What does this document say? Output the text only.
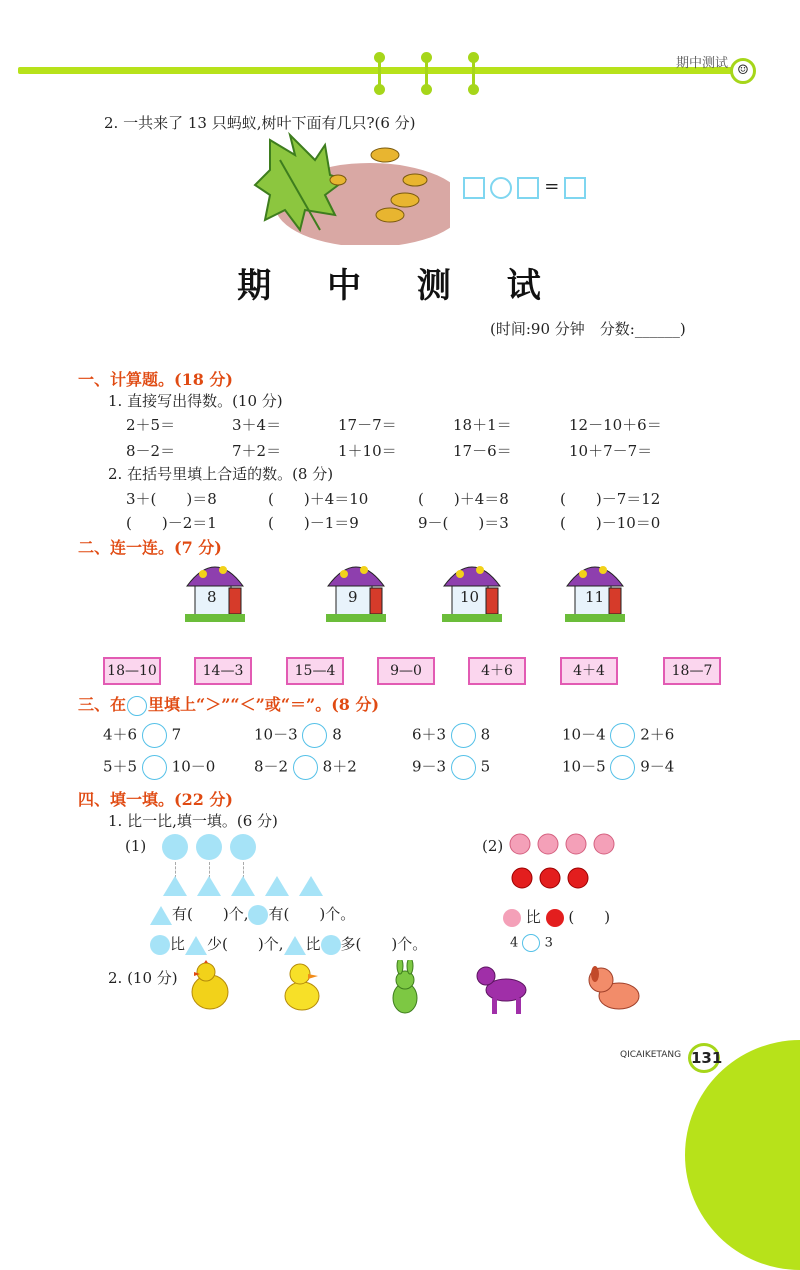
期中测试 ☺
2. 一共来了 13 只蚂蚁,树叶下面有几只?(6 分)
=
期 中 测 试
(时间:90 分钟　分数:______)
一、计算题。(18 分)
1. 直接写出得数。(10 分)
2＋5＝	3＋4＝	17－7＝	18＋1＝	12－10＋6＝
8－2＝	7＋2＝	1＋10＝	17－6＝	10＋7－7＝
2. 在括号里填上合适的数。(8 分)
3＋(　　)＝8	(　　)＋4＝10	(　　)＋4＝8	(　　)－7＝12
(　　)－2＝1	(　　)－1＝9	9－(　　)＝3	(　　)－10＝0
二、连一连。(7 分)
8	9	10	11
18—10	14—3	15—4	9—0	4＋6	4＋4	18—7
三、在 里填上“＞”“＜”或“＝”。(8 分)
4＋6 7	10－3 8	6＋3 8	10－4 2＋6
5＋5 10－0	8－2 8＋2	9－3 5	10－5 9－4
四、填一填。(22 分)
1. 比一比,填一填。(6 分)
(1)
有( )个, 有( )个。
比 少( )个, 比 多( )个。
(2)
比 (　　)
4 3
2. (10 分)
QICAIKETANG 131
